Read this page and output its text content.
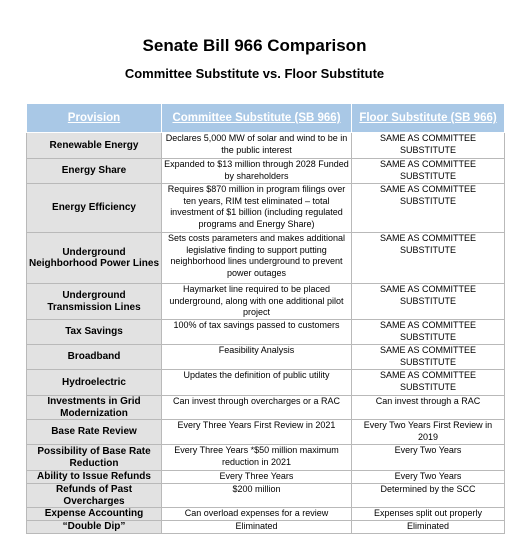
Senate Bill 966 Comparison
Committee Substitute vs. Floor Substitute
Provision	Committee Substitute (SB 966)	Floor Substitute (SB 966)
Renewable Energy	Declares 5,000 MW of solar and wind to be in the public interest	SAME AS COMMITTEE SUBSTITUTE
Energy Share	Expanded to $13 million through 2028 Funded by shareholders	SAME AS COMMITTEE SUBSTITUTE
Energy Efficiency	Requires $870 million in program filings over ten years, RIM test eliminated – total investment of $1 billion (including regulated programs and Energy Share)	SAME AS COMMITTEE SUBSTITUTE
Underground Neighborhood Power Lines	Sets costs parameters and makes additional legislative finding to support putting neighborhood lines underground to prevent power outages	SAME AS COMMITTEE SUBSTITUTE
Underground Transmission Lines	Haymarket line required to be placed underground, along with one additional pilot project	SAME AS COMMITTEE SUBSTITUTE
Tax Savings	100% of tax savings passed to customers	SAME AS COMMITTEE SUBSTITUTE
Broadband	Feasibility Analysis	SAME AS COMMITTEE SUBSTITUTE
Hydroelectric	Updates the definition of public utility	SAME AS COMMITTEE SUBSTITUTE
Investments in Grid Modernization	Can invest through overcharges or a RAC	Can invest through a RAC
Base Rate Review	Every Three Years First Review in 2021	Every Two Years First Review in 2019
Possibility of Base Rate Reduction	Every Three Years *$50 million maximum reduction in 2021	Every Two Years
Ability to Issue Refunds	Every Three Years	Every Two Years
Refunds of Past Overcharges	$200 million	Determined by the SCC
Expense Accounting	Can overload expenses for a review	Expenses split out properly
“Double Dip”	Eliminated	Eliminated
